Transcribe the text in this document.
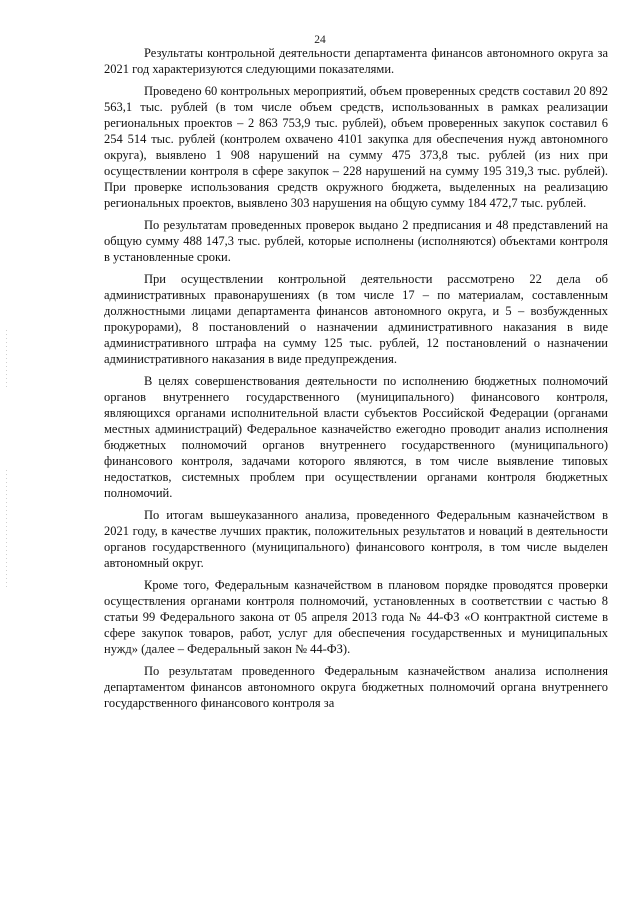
24

Результаты контрольной деятельности департамента финансов автономного округа за 2021 год характеризуются следующими показателями.

Проведено 60 контрольных мероприятий, объем проверенных средств составил 20 892 563,1 тыс. рублей (в том числе объем средств, использованных в рамках реализации региональных проектов – 2 863 753,9 тыс. рублей), объем проверенных закупок составил 6 254 514 тыс. рублей (контролем охвачено 4101 закупка для обеспечения нужд автономного округа), выявлено 1 908 нарушений на сумму 475 373,8 тыс. рублей (из них при осуществлении контроля в сфере закупок – 228 нарушений на сумму 195 319,3 тыс. рублей). При проверке использования средств окружного бюджета, выделенных на реализацию региональных проектов, выявлено 303 нарушения на общую сумму 184 472,7 тыс. рублей.

По результатам проведенных проверок выдано 2 предписания и 48 представлений на общую сумму 488 147,3 тыс. рублей, которые исполнены (исполняются) объектами контроля в установленные сроки.

При осуществлении контрольной деятельности рассмотрено 22 дела об административных правонарушениях (в том числе 17 – по материалам, составленным должностными лицами департамента финансов автономного округа, и 5 – возбужденных прокурорами), 8 постановлений о назначении административного наказания в виде административного штрафа на сумму 125 тыс. рублей, 12 постановлений о назначении административного наказания в виде предупреждения.

В целях совершенствования деятельности по исполнению бюджетных полномочий органов внутреннего государственного (муниципального) финансового контроля, являющихся органами исполнительной власти субъектов Российской Федерации (органами местных администраций) Федеральное казначейство ежегодно проводит анализ исполнения бюджетных полномочий органов внутреннего государственного (муниципального) финансового контроля, задачами которого являются, в том числе выявление типовых недостатков, системных проблем при осуществлении органами контроля бюджетных полномочий.

По итогам вышеуказанного анализа, проведенного Федеральным казначейством в 2021 году, в качестве лучших практик, положительных результатов и новаций в деятельности органов государственного (муниципального) финансового контроля, в том числе выделен автономный округ.

Кроме того, Федеральным казначейством в плановом порядке проводятся проверки осуществления органами контроля полномочий, установленных в соответствии с частью 8 статьи 99 Федерального закона от 05 апреля 2013 года № 44-ФЗ «О контрактной системе в сфере закупок товаров, работ, услуг для обеспечения государственных и муниципальных нужд» (далее – Федеральный закон № 44-ФЗ).

По результатам проведенного Федеральным казначейством анализа исполнения департаментом финансов автономного округа бюджетных полномочий органа внутреннего государственного финансового контроля за
